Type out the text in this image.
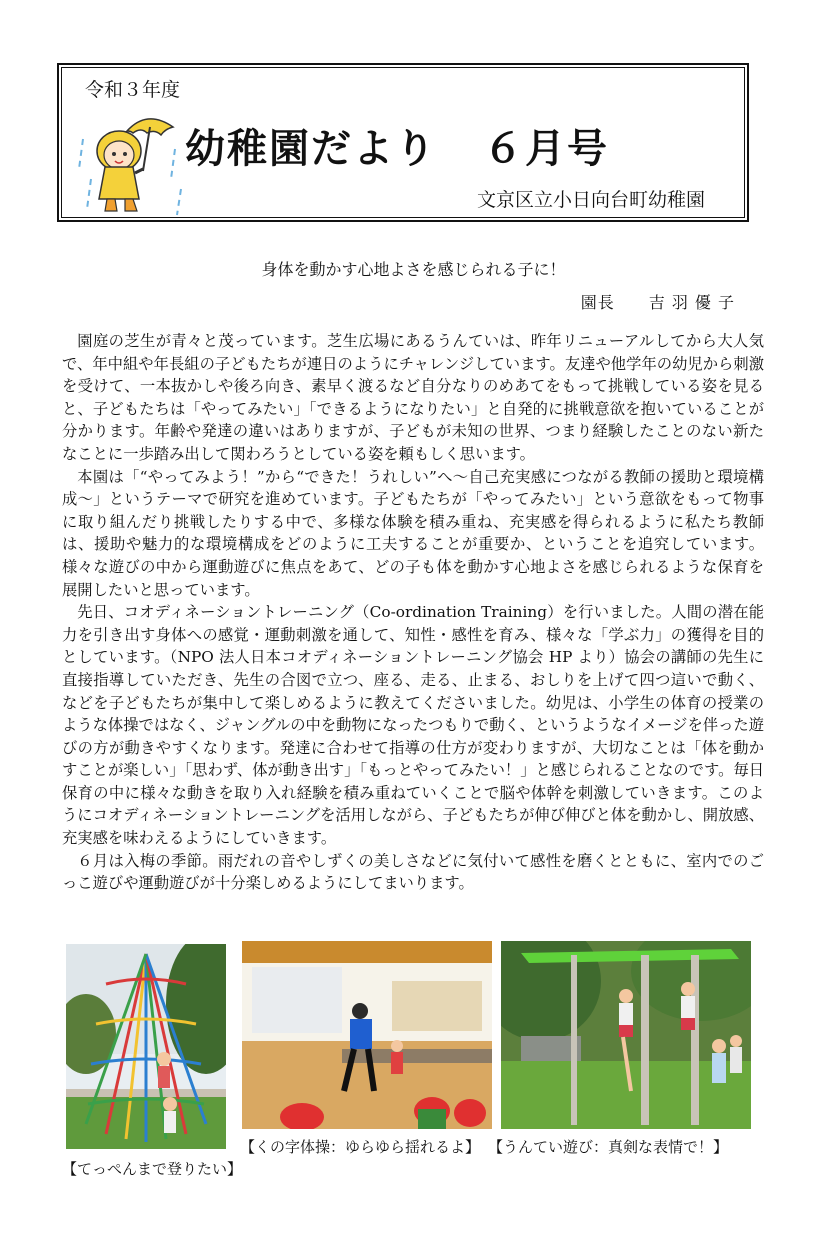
令和３年度
幼稚園だより ６月号
文京区立小日向台町幼稚園
身体を動かす心地よさを感じられる子に！
園長　　吉 羽 優 子

園庭の芝生が青々と茂っています。芝生広場にあるうんていは、昨年リニューアルしてから大人気で、年中組や年長組の子どもたちが連日のようにチャレンジしています。友達や他学年の幼児から刺激を受けて、一本抜かしや後ろ向き、素早く渡るなど自分なりのめあてをもって挑戦している姿を見ると、子どもたちは「やってみたい」「できるようになりたい」と自発的に挑戦意欲を抱いていることが分かります。年齢や発達の違いはありますが、子どもが未知の世界、つまり経験したことのない新たなことに一歩踏み出して関わろうとしている姿を頼もしく思います。

本園は「“やってみよう！”から“できた！うれしい”へ～自己充実感につながる教師の援助と環境構成～」というテーマで研究を進めています。子どもたちが「やってみたい」という意欲をもって物事に取り組んだり挑戦したりする中で、多様な体験を積み重ね、充実感を得られるように私たち教師は、援助や魅力的な環境構成をどのように工夫することが重要か、ということを追究しています。様々な遊びの中から運動遊びに焦点をあて、どの子も体を動かす心地よさを感じられるような保育を展開したいと思っています。

先日、コオディネーショントレーニング（Co-ordination Training）を行いました。人間の潜在能力を引き出す身体への感覚・運動刺激を通して、知性・感性を育み、様々な「学ぶ力」の獲得を目的としています。（NPO 法人日本コオディネーショントレーニング協会 HP より）協会の講師の先生に直接指導していただき、先生の合図で立つ、座る、走る、止まる、おしりを上げて四つ這いで動く、などを子どもたちが集中して楽しめるように教えてくださいました。幼児は、小学生の体育の授業のような体操ではなく、ジャングルの中を動物になったつもりで動く、というようなイメージを伴った遊びの方が動きやすくなります。発達に合わせて指導の仕方が変わりますが、大切なことは「体を動かすことが楽しい」「思わず、体が動き出す」「もっとやってみたい！」と感じられることなのです。毎日保育の中に様々な動きを取り入れ経験を積み重ねていくことで脳や体幹を刺激していきます。このようにコオディネーショントレーニングを活用しながら、子どもたちが伸び伸びと体を動かし、開放感、充実感を味わえるようにしていきます。

６月は入梅の季節。雨だれの音やしずくの美しさなどに気付いて感性を磨くとともに、室内でのごっこ遊びや運動遊びが十分楽しめるようにしてまいります。

【くの字体操：ゆらゆら揺れるよ】 【うんてい遊び：真剣な表情で！】
【てっぺんまで登りたい】
